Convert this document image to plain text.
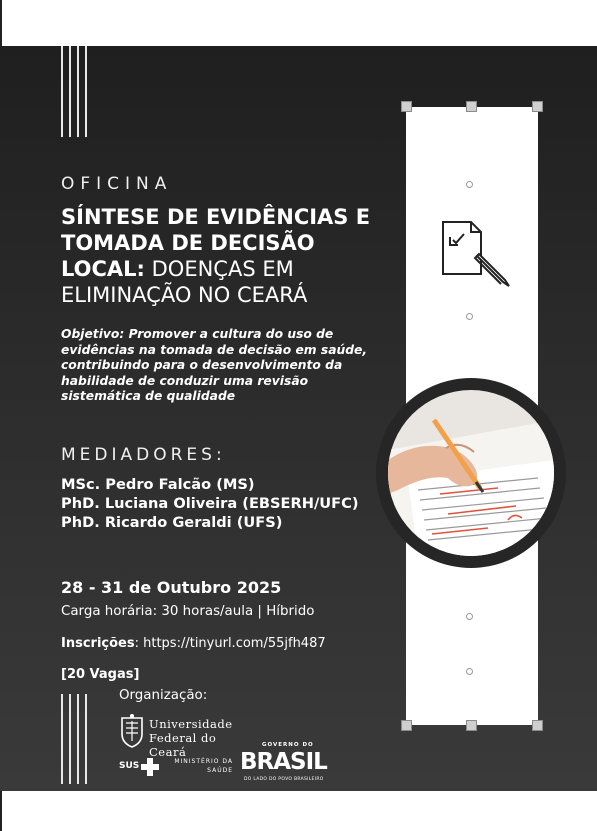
OFICINA
SÍNTESE DE EVIDÊNCIAS E TOMADA DE DECISÃO LOCAL: DOENÇAS EM ELIMINAÇÃO NO CEARÁ
Objetivo: Promover a cultura do uso de evidências na tomada de decisão em saúde, contribuindo para o desenvolvimento da habilidade de conduzir uma revisão sistemática de qualidade
MEDIADORES:
MSc. Pedro Falcão (MS)
PhD. Luciana Oliveira (EBSERH/UFC)
PhD. Ricardo Geraldi (UFS)
28 - 31 de Outubro 2025
Carga horária: 30 horas/aula | Híbrido
Inscrições: https://tinyurl.com/55jfh487
[20 Vagas]
Organização:
Universidade
Federal do Ceará
SUS	MINISTÉRIO DA
SAÚDE
GOVERNO DO
BRASIL
DO LADO DO POVO BRASILEIRO
